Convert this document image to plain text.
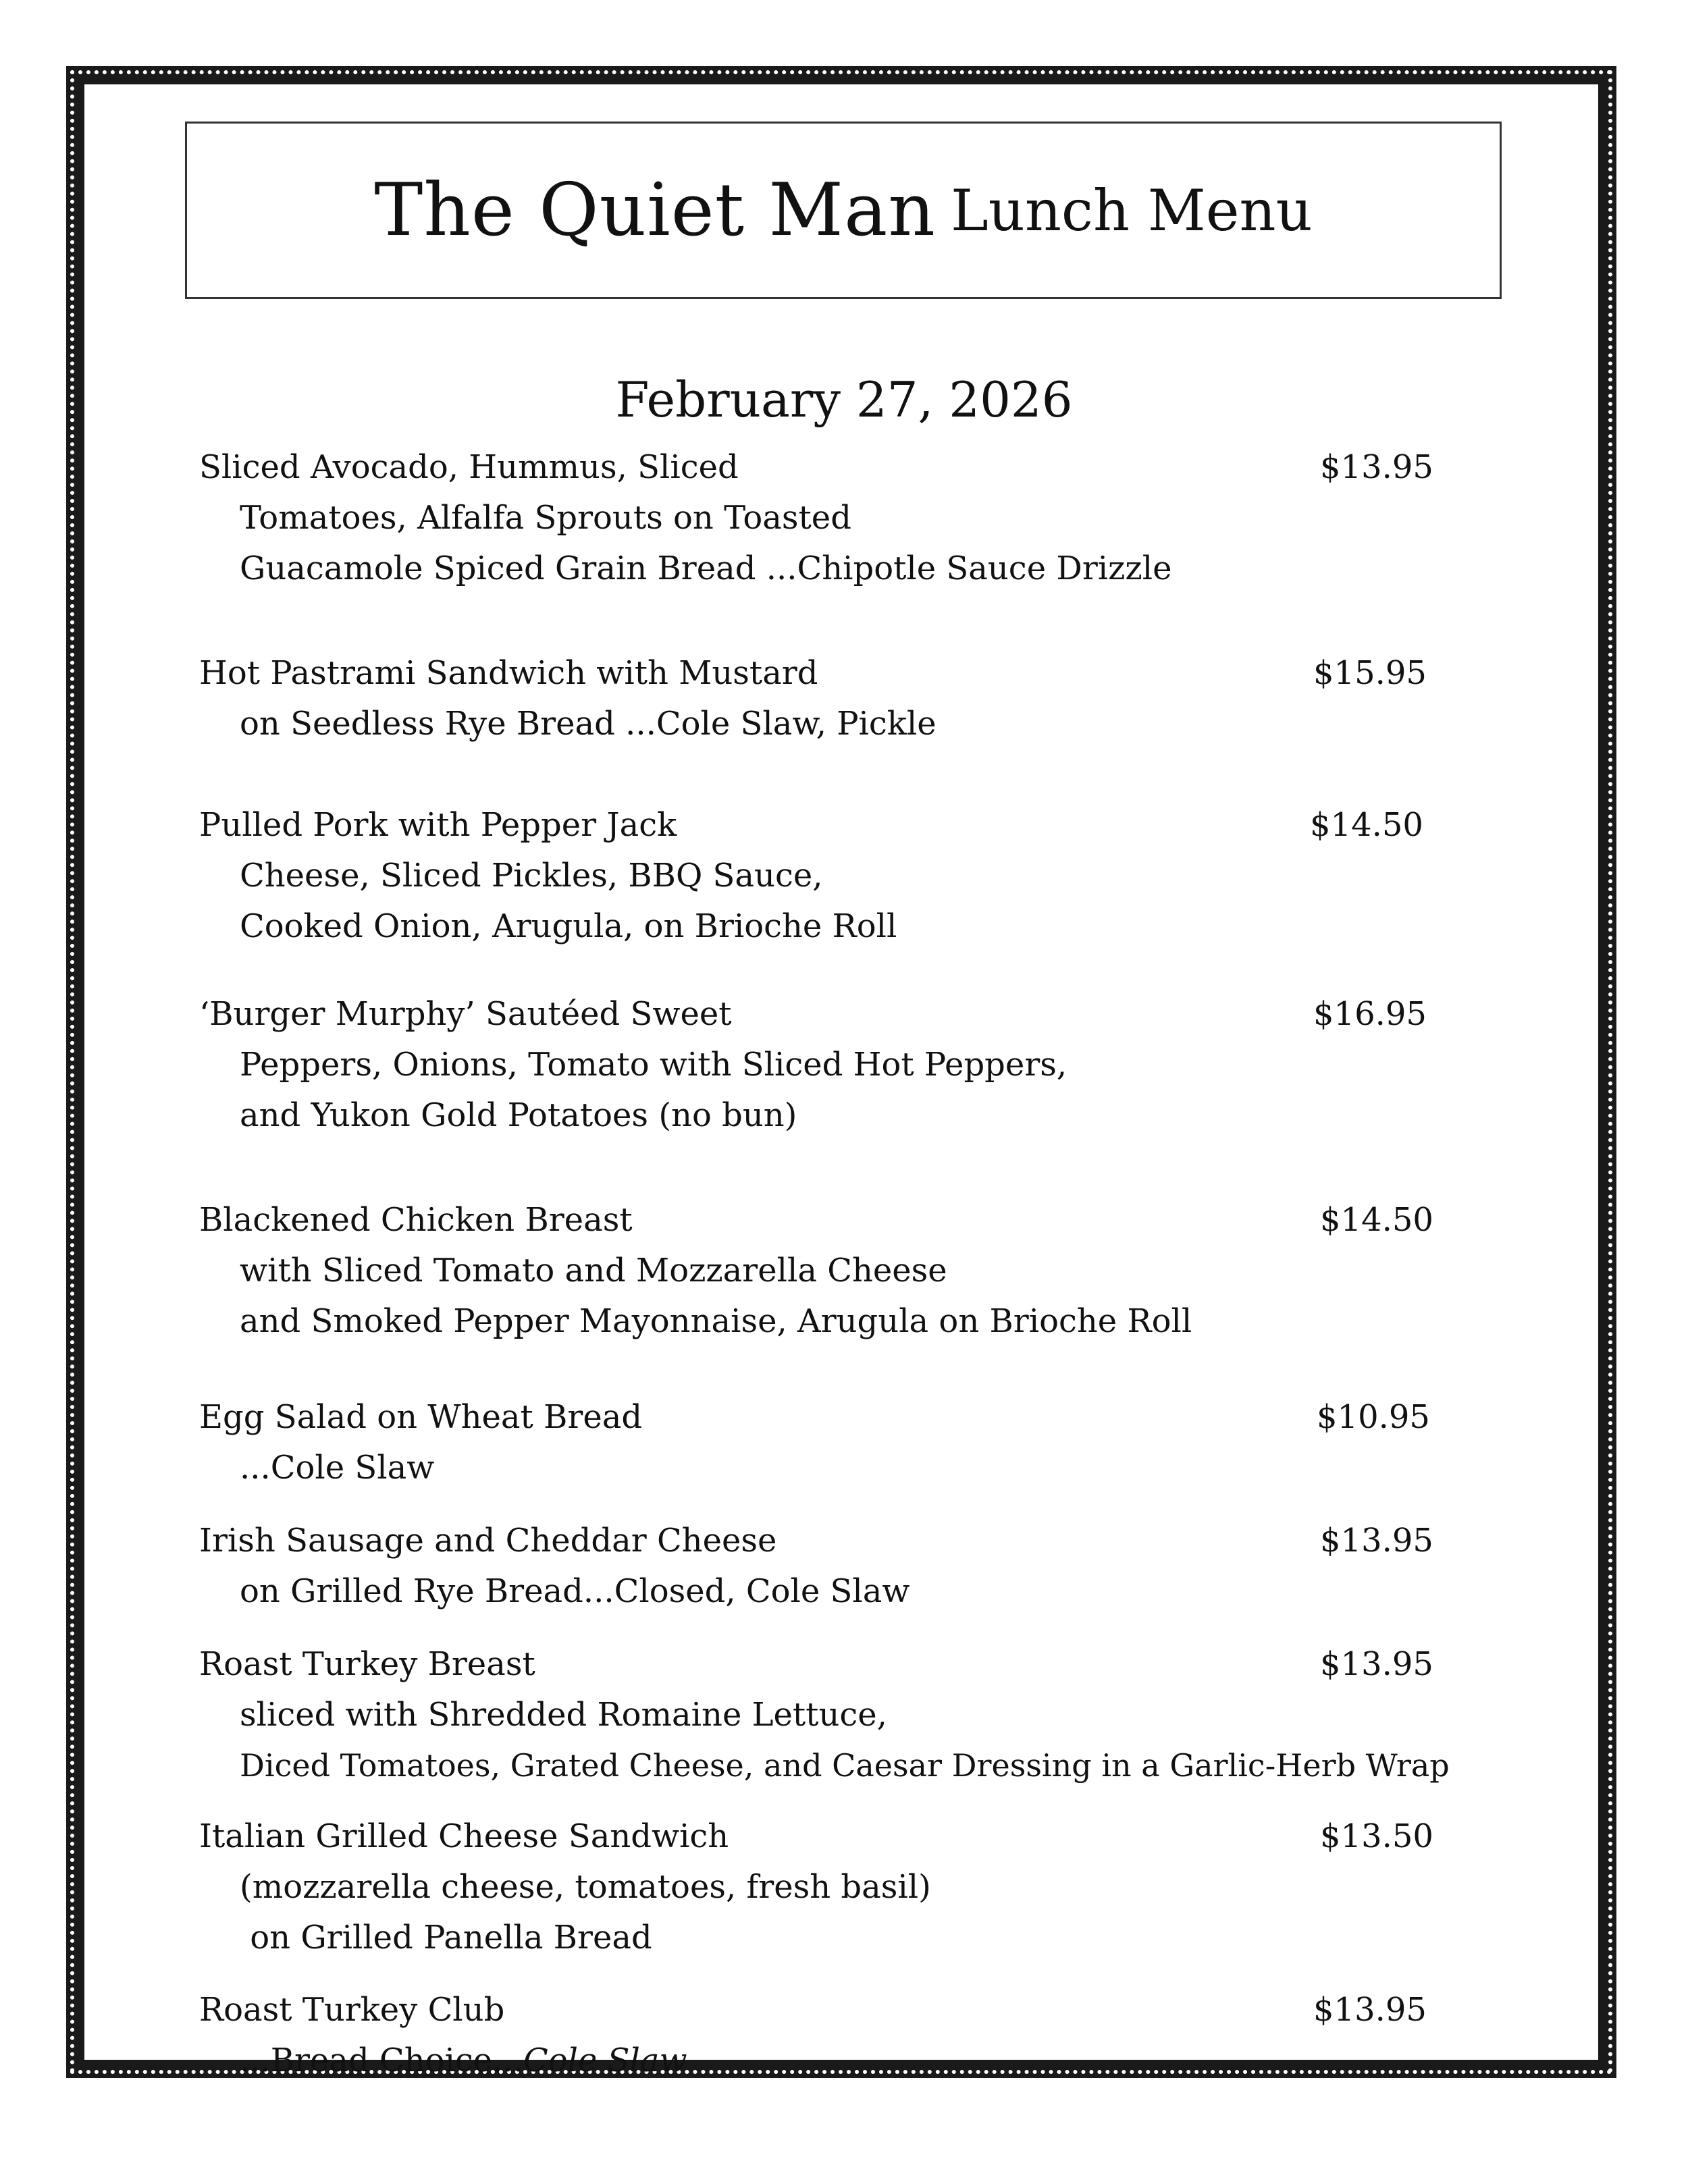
The Quiet Man Lunch Menu
February 27, 2026
Sliced Avocado, Hummus, Sliced
Tomatoes, Alfalfa Sprouts on Toasted
Guacamole Spiced Grain Bread ...Chipotle Sauce Drizzle
$13.95
Hot Pastrami Sandwich with Mustard
on Seedless Rye Bread ...Cole Slaw, Pickle
$15.95
Pulled Pork with Pepper Jack
Cheese, Sliced Pickles, BBQ Sauce,
Cooked Onion, Arugula, on Brioche Roll
$14.50
‘Burger Murphy’ Sautéed Sweet
Peppers, Onions, Tomato with Sliced Hot Peppers,
and Yukon Gold Potatoes (no bun)
$16.95
Blackened Chicken Breast
with Sliced Tomato and Mozzarella Cheese
and Smoked Pepper Mayonnaise, Arugula on Brioche Roll
$14.50
Egg Salad on Wheat Bread
...Cole Slaw
$10.95
Irish Sausage and Cheddar Cheese
on Grilled Rye Bread...Closed, Cole Slaw
$13.95
Roast Turkey Breast
sliced with Shredded Romaine Lettuce,
Diced Tomatoes, Grated Cheese, and Caesar Dressing in a Garlic-Herb Wrap
$13.95
Italian Grilled Cheese Sandwich
(mozzarella cheese, tomatoes, fresh basil)
on Grilled Panella Bread
$13.50
Roast Turkey Club
...Bread Choice...Cole Slaw
$13.95
